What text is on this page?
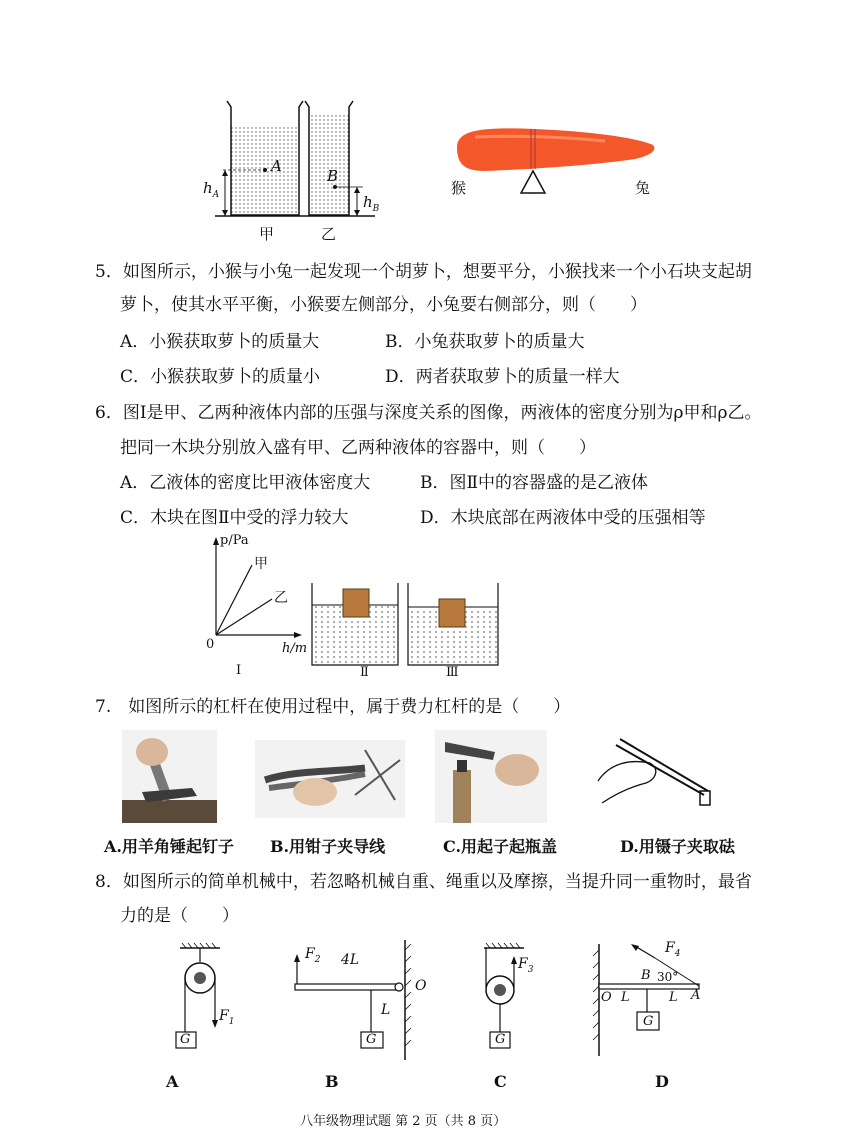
A
B
$h_A$	$h_B$
甲	乙
猴	兔
5．如图所示，小猴与小兔一起发现一个胡萝卜，想要平分，小猴找来一个小石块支起胡
萝卜，使其水平平衡，小猴要左侧部分，小兔要右侧部分，则（　　）
A．小猴获取萝卜的质量大	B．小兔获取萝卜的质量大
C．小猴获取萝卜的质量小	D．两者获取萝卜的质量一样大
6．图Ⅰ是甲、乙两种液体内部的压强与深度关系的图像，两液体的密度分别为ρ甲和ρ乙。
把同一木块分别放入盛有甲、乙两种液体的容器中，则（　　）
A．乙液体的密度比甲液体密度大	B．图Ⅱ中的容器盛的是乙液体
C．木块在图Ⅱ中受的浮力较大	D．木块底部在两液体中受的压强相等
p/Pa
h/m
0
甲
乙
Ⅰ	Ⅱ	Ⅲ
7.　如图所示的杠杆在使用过程中，属于费力杠杆的是（　　）
A.用羊角锤起钉子 B.用钳子夹导线	C.用起子起瓶盖	D.用镊子夹取砝
8．如图所示的简单机械中，若忽略机械自重、绳重以及摩擦，当提升同一重物时，最省
力的是（　　）
$F_1$
G
$F_2$ 4L
L
O
G
$F_3$
G
$F_4$
B 30°
O L	L A
G
A	B	C	D
八年级物理试题 第 2 页（共 8 页）
